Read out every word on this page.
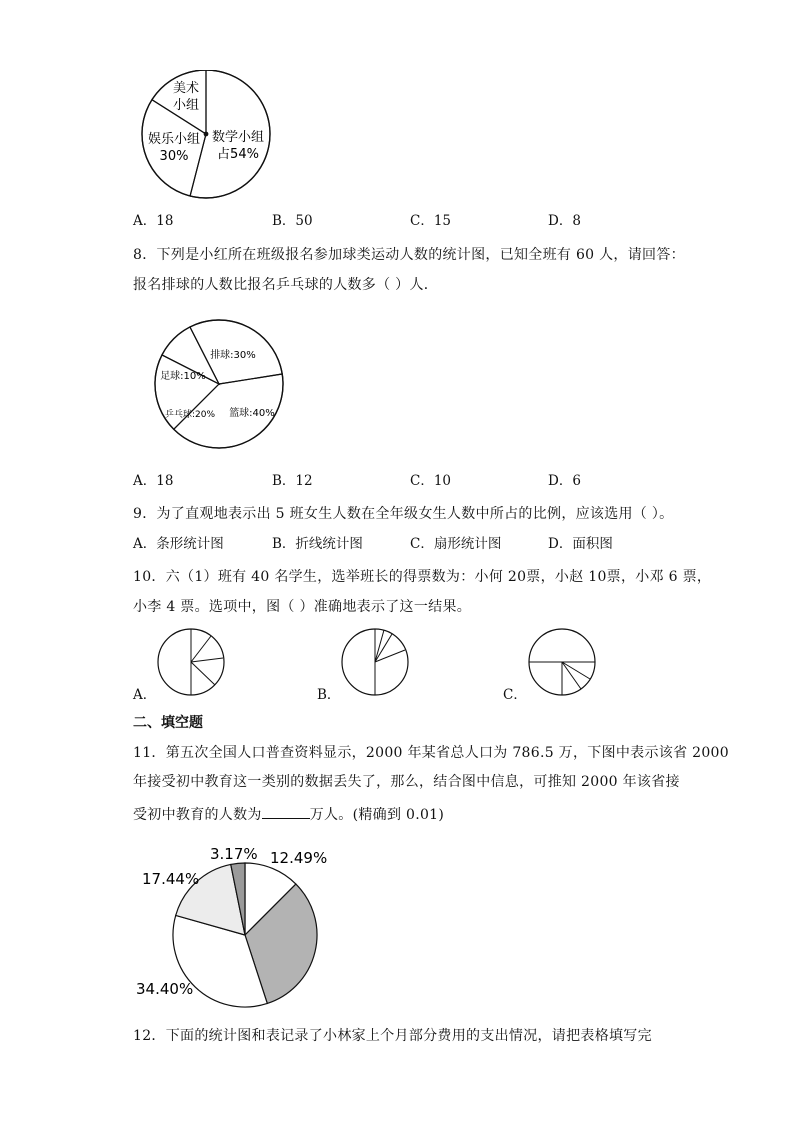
美术
小组
娱乐小组
30%
数学小组
占54%
A．18	B．50	C．15	D．8
8．下列是小红所在班级报名参加球类运动人数的统计图，已知全班有 60 人，请回答：
报名排球的人数比报名乒乓球的人数多（ ）人．
排球:30%
篮球:40%
乒乓球:20%
足球:10%
A．18	B．12	C．10	D．6
9．为了直观地表示出 5 班女生人数在全年级女生人数中所占的比例，应该选用（ ）。
A．条形统计图	B．折线统计图	C．扇形统计图	D．面积图
10．六（1）班有 40 名学生，选举班长的得票数为：小何 20票，小赵 10票，小邓 6 票，
小李 4 票。选项中，图（ ）准确地表示了这一结果。
A．	B．	C．
二、填空题
11．第五次全国人口普查资料显示，2000 年某省总人口为 786.5 万，下图中表示该省 2000
年接受初中教育这一类别的数据丢失了，那么，结合图中信息，可推知 2000 年该省接
受初中教育的人数为	万人。(精确到 0.01)
12.49%
34.40%
17.44%
3.17%
12．下面的统计图和表记录了小林家上个月部分费用的支出情况，请把表格填写完
